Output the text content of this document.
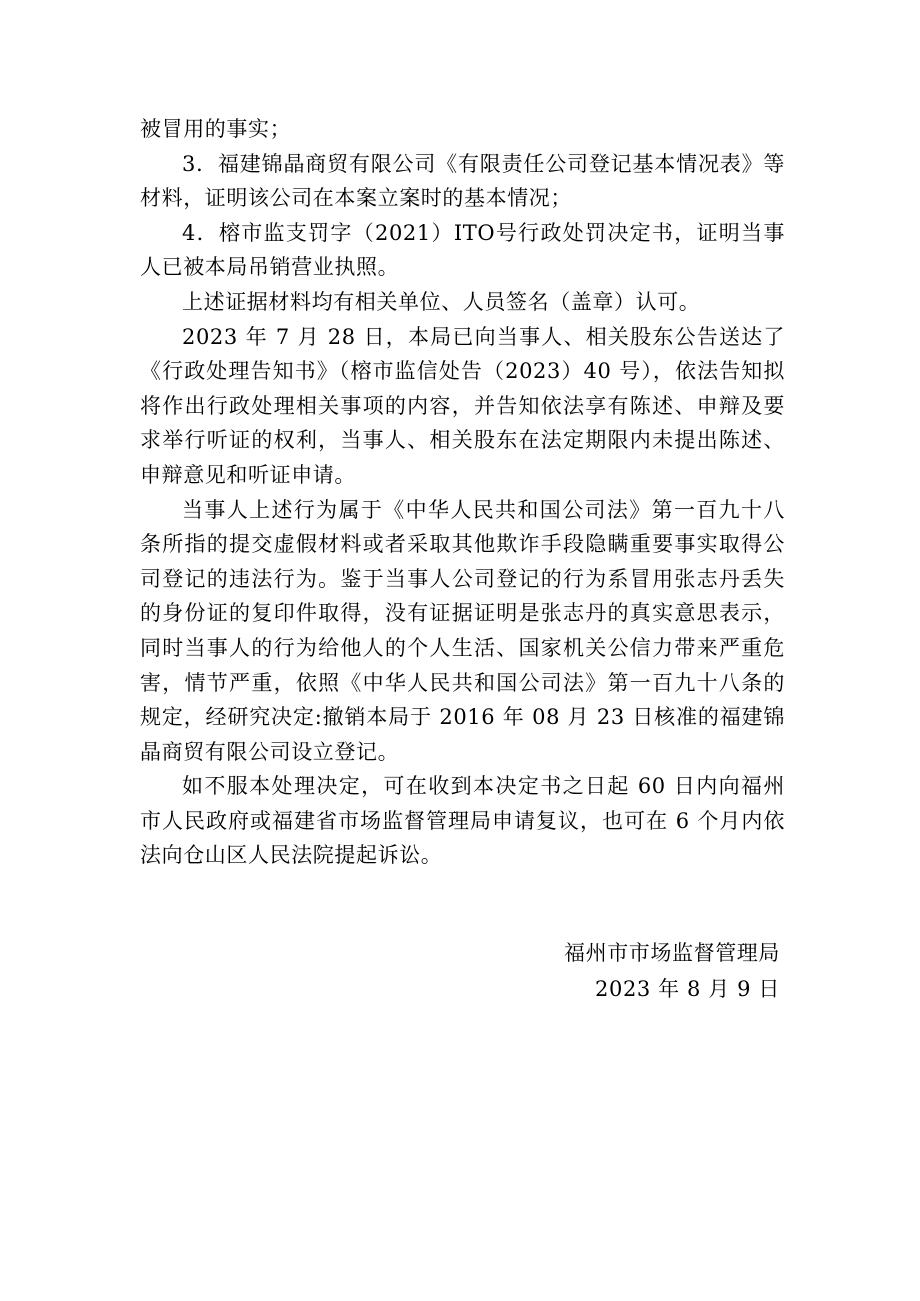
被冒用的事实；

3．福建锦晶商贸有限公司《有限责任公司登记基本情况表》等材料，证明该公司在本案立案时的基本情况；

4．榕市监支罚字（2021）ITO号行政处罚决定书，证明当事人已被本局吊销营业执照。

上述证据材料均有相关单位、人员签名（盖章）认可。

2023 年 7 月 28 日，本局已向当事人、相关股东公告送达了《行政处理告知书》（榕市监信处告（2023）40 号），依法告知拟将作出行政处理相关事项的内容，并告知依法享有陈述、申辩及要求举行听证的权利，当事人、相关股东在法定期限内未提出陈述、申辩意见和听证申请。

当事人上述行为属于《中华人民共和国公司法》第一百九十八条所指的提交虚假材料或者采取其他欺诈手段隐瞒重要事实取得公司登记的违法行为。鉴于当事人公司登记的行为系冒用张志丹丢失的身份证的复印件取得，没有证据证明是张志丹的真实意思表示，同时当事人的行为给他人的个人生活、国家机关公信力带来严重危害，情节严重，依照《中华人民共和国公司法》第一百九十八条的规定，经研究决定:撤销本局于 2016 年 08 月 23 日核准的福建锦晶商贸有限公司设立登记。

如不服本处理决定，可在收到本决定书之日起 60 日内向福州市人民政府或福建省市场监督管理局申请复议，也可在 6 个月内依法向仓山区人民法院提起诉讼。

福州市市场监督管理局
2023 年 8 月 9 日
